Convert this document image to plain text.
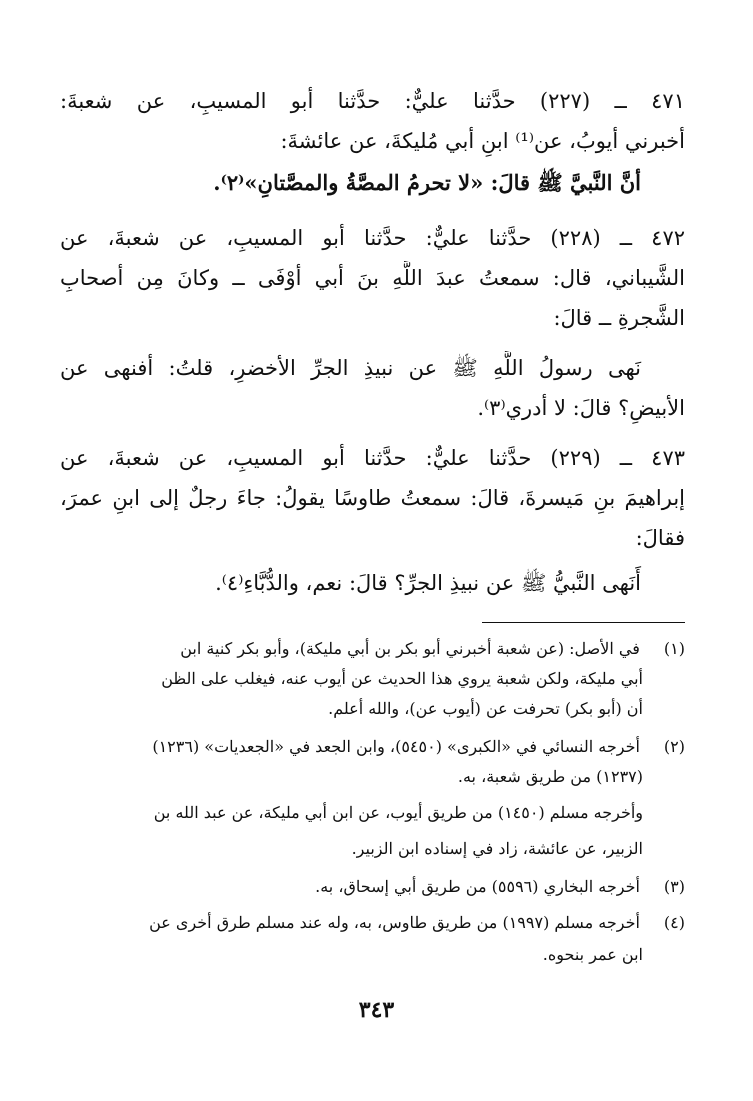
٤٧١ ــ (٢٢٧) حدَّثنا عليٌّ: حدَّثنا أبو المسيبِ، عن شعبةَ:
أخبرني أيوبُ، عن⁽¹⁾ ابنِ أبي مُليكةَ، عن عائشةَ:
أنَّ النَّبيَّ ﷺ قالَ: «لا تحرمُ المصَّةُ والمصَّتانِ»⁽٢⁾.
٤٧٢ ــ (٢٢٨) حدَّثنا عليٌّ: حدَّثنا أبو المسيبِ، عن شعبةَ، عن
الشَّيباني، قال: سمعتُ عبدَ اللَّهِ بنَ أبي أوْفَى ــ وكانَ مِن أصحابِ
الشَّجرةِ ــ قالَ:
نَهى رسولُ اللَّهِ ﷺ عن نبيذِ الجرِّ الأخضرِ، قلتُ: أفنهى عن
الأبيضِ؟ قالَ: لا أدري⁽٣⁾.
٤٧٣ ــ (٢٢٩) حدَّثنا عليٌّ: حدَّثنا أبو المسيبِ، عن شعبةَ، عن
إبراهيمَ بنِ مَيسرةَ، قالَ: سمعتُ طاوسًا يقولُ: جاءَ رجلٌ إلى ابنِ عمرَ،
فقالَ:
أَنَهى النَّبيُّ ﷺ عن نبيذِ الجرِّ؟ قالَ: نعم، والدُّبَّاءِ⁽٤⁾.
(١) في الأصل: (عن شعبة أخبرني أبو بكر بن أبي مليكة)، وأبو بكر كنية ابن
أبي مليكة، ولكن شعبة يروي هذا الحديث عن أيوب عنه، فيغلب على الظن
أن (أبو بكر) تحرفت عن (أيوب عن)، والله أعلم.
(٢) أخرجه النسائي في «الكبرى» (٥٤٥٠)، وابن الجعد في «الجعديات» (١٢٣٦)
(١٢٣٧) من طريق شعبة، به.
وأخرجه مسلم (١٤٥٠) من طريق أيوب، عن ابن أبي مليكة، عن عبد الله بن
الزبير، عن عائشة، زاد في إسناده ابن الزبير.
(٣) أخرجه البخاري (٥٥٩٦) من طريق أبي إسحاق، به.
(٤) أخرجه مسلم (١٩٩٧) من طريق طاوس، به، وله عند مسلم طرق أخرى عن
ابن عمر بنحوه.
٣٤٣
